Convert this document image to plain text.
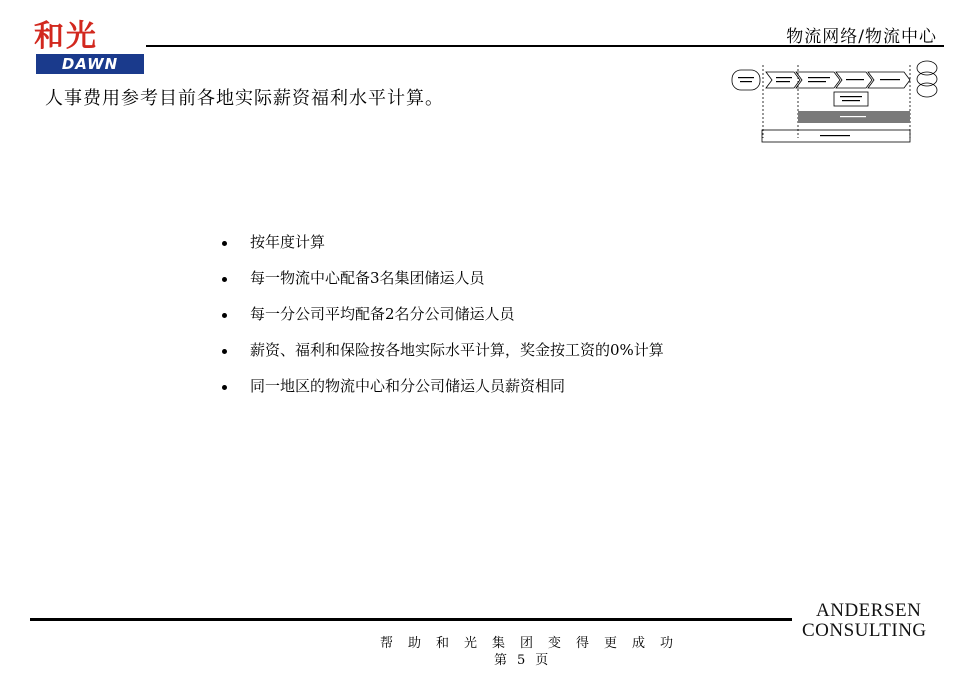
和光
DAWN
物流网络/物流中心
人事费用参考目前各地实际薪资福利水平计算。
按年度计算
每一物流中心配备3名集团储运人员
每一分公司平均配备2名分公司储运人员
薪资、福利和保险按各地实际水平计算，奖金按工资的0%计算
同一地区的物流中心和分公司储运人员薪资相同
帮助和光集团变得更成功
第5页
ANDERSEN
CONSULTING
